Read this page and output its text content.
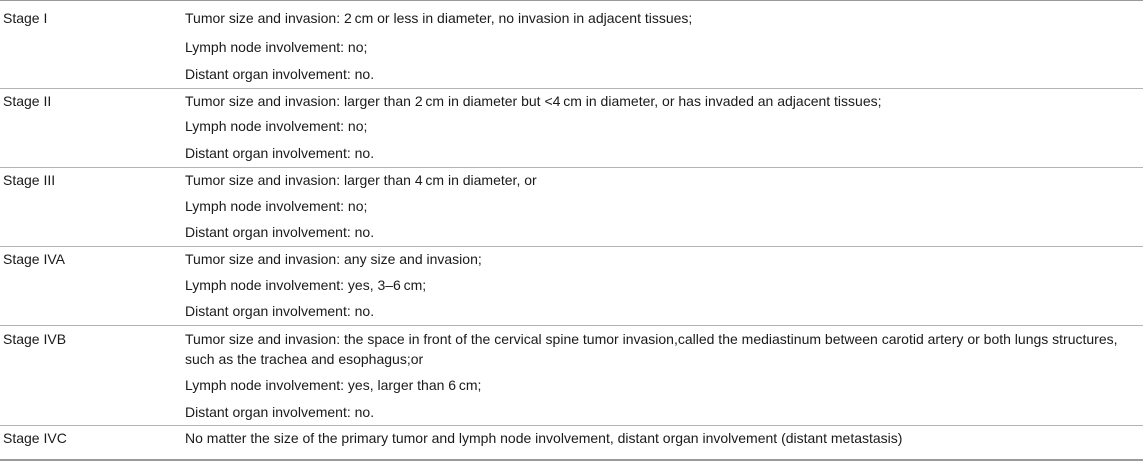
Stage I	Tumor size and invasion: 2 cm or less in diameter, no invasion in adjacent tissues;
Lymph node involvement: no;
Distant organ involvement: no.
Stage II	Tumor size and invasion: larger than 2 cm in diameter but <4 cm in diameter, or has invaded an adjacent tissues;
Lymph node involvement: no;
Distant organ involvement: no.
Stage III	Tumor size and invasion: larger than 4 cm in diameter, or
Lymph node involvement: no;
Distant organ involvement: no.
Stage IVA	Tumor size and invasion: any size and invasion;
Lymph node involvement: yes, 3–6 cm;
Distant organ involvement: no.
Stage IVB	Tumor size and invasion: the space in front of the cervical spine tumor invasion,called the mediastinum between carotid artery or both lungs structures, such as the trachea and esophagus;or
Lymph node involvement: yes, larger than 6 cm;
Distant organ involvement: no.
Stage IVC	No matter the size of the primary tumor and lymph node involvement, distant organ involvement (distant metastasis)
